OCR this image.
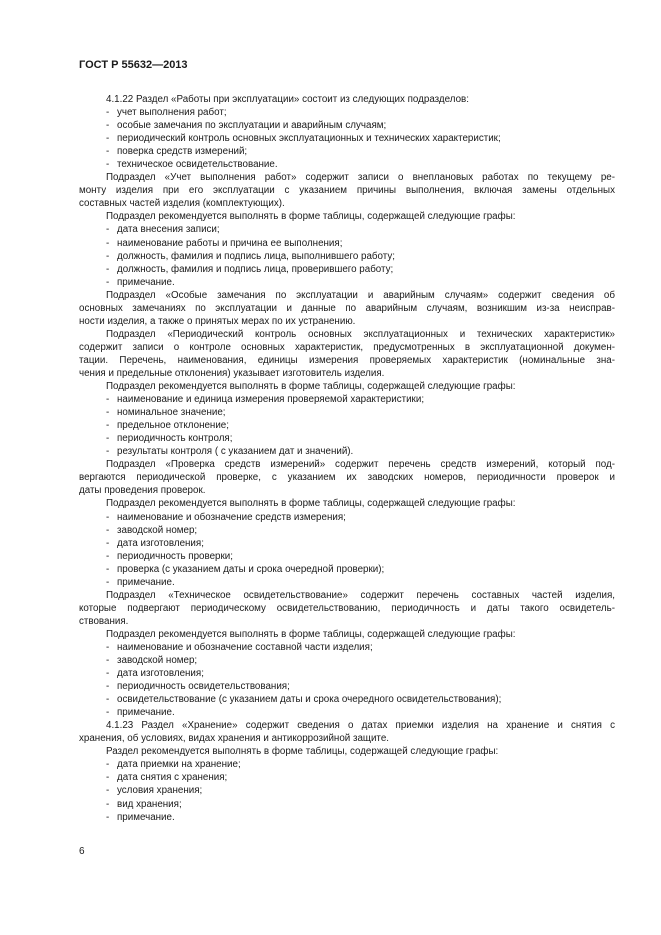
ГОСТ Р 55632—2013
4.1.22 Раздел «Работы при эксплуатации» состоит из следующих подразделов:
- учет выполнения работ;
- особые замечания по эксплуатации и аварийным случаям;
- периодический контроль основных эксплуатационных и технических характеристик;
- поверка средств измерений;
- техническое освидетельствование.
Подраздел «Учет выполнения работ» содержит записи о внеплановых работах по текущему ре-
монту изделия при его эксплуатации с указанием причины выполнения, включая замены отдельных
составных частей изделия (комплектующих).
Подраздел рекомендуется выполнять в форме таблицы, содержащей следующие графы:
- дата внесения записи;
- наименование работы и причина ее выполнения;
- должность, фамилия и подпись лица, выполнившего работу;
- должность, фамилия и подпись лица, проверившего работу;
- примечание.
Подраздел «Особые замечания по эксплуатации и аварийным случаям» содержит сведения об
основных замечаниях по эксплуатации и данные по аварийным случаям, возникшим из-за неисправ-
ности изделия, а также о принятых мерах по их устранению.
Подраздел «Периодический контроль основных эксплуатационных и технических характеристик»
содержит записи о контроле основных характеристик, предусмотренных в эксплуатационной докумен-
тации. Перечень, наименования, единицы измерения проверяемых характеристик (номинальные зна-
чения и предельные отклонения) указывает изготовитель изделия.
Подраздел рекомендуется выполнять в форме таблицы, содержащей следующие графы:
- наименование и единица измерения проверяемой характеристики;
- номинальное значение;
- предельное отклонение;
- периодичность контроля;
- результаты контроля ( с указанием дат и значений).
Подраздел «Проверка средств измерений» содержит перечень средств измерений, который под-
вергаются периодической проверке, с указанием их заводских номеров, периодичности проверок и
даты проведения проверок.
Подраздел рекомендуется выполнять в форме таблицы, содержащей следующие графы:
- наименование и обозначение средств измерения;
- заводской номер;
- дата изготовления;
- периодичность проверки;
- проверка (с указанием даты и срока очередной проверки);
- примечание.
Подраздел «Техническое освидетельствование» содержит перечень составных частей изделия,
которые подвергают периодическому освидетельствованию, периодичность и даты такого освидетель-
ствования.
Подраздел рекомендуется выполнять в форме таблицы, содержащей следующие графы:
- наименование и обозначение составной части изделия;
- заводской номер;
- дата изготовления;
- периодичность освидетельствования;
- освидетельствование (с указанием даты и срока очередного освидетельствования);
- примечание.
4.1.23 Раздел «Хранение» содержит сведения о датах приемки изделия на хранение и снятия с
хранения, об условиях, видах хранения и антикоррозийной защите.
Раздел рекомендуется выполнять в форме таблицы, содержащей следующие графы:
- дата приемки на хранение;
- дата снятия с хранения;
- условия хранения;
- вид хранения;
- примечание.
6
